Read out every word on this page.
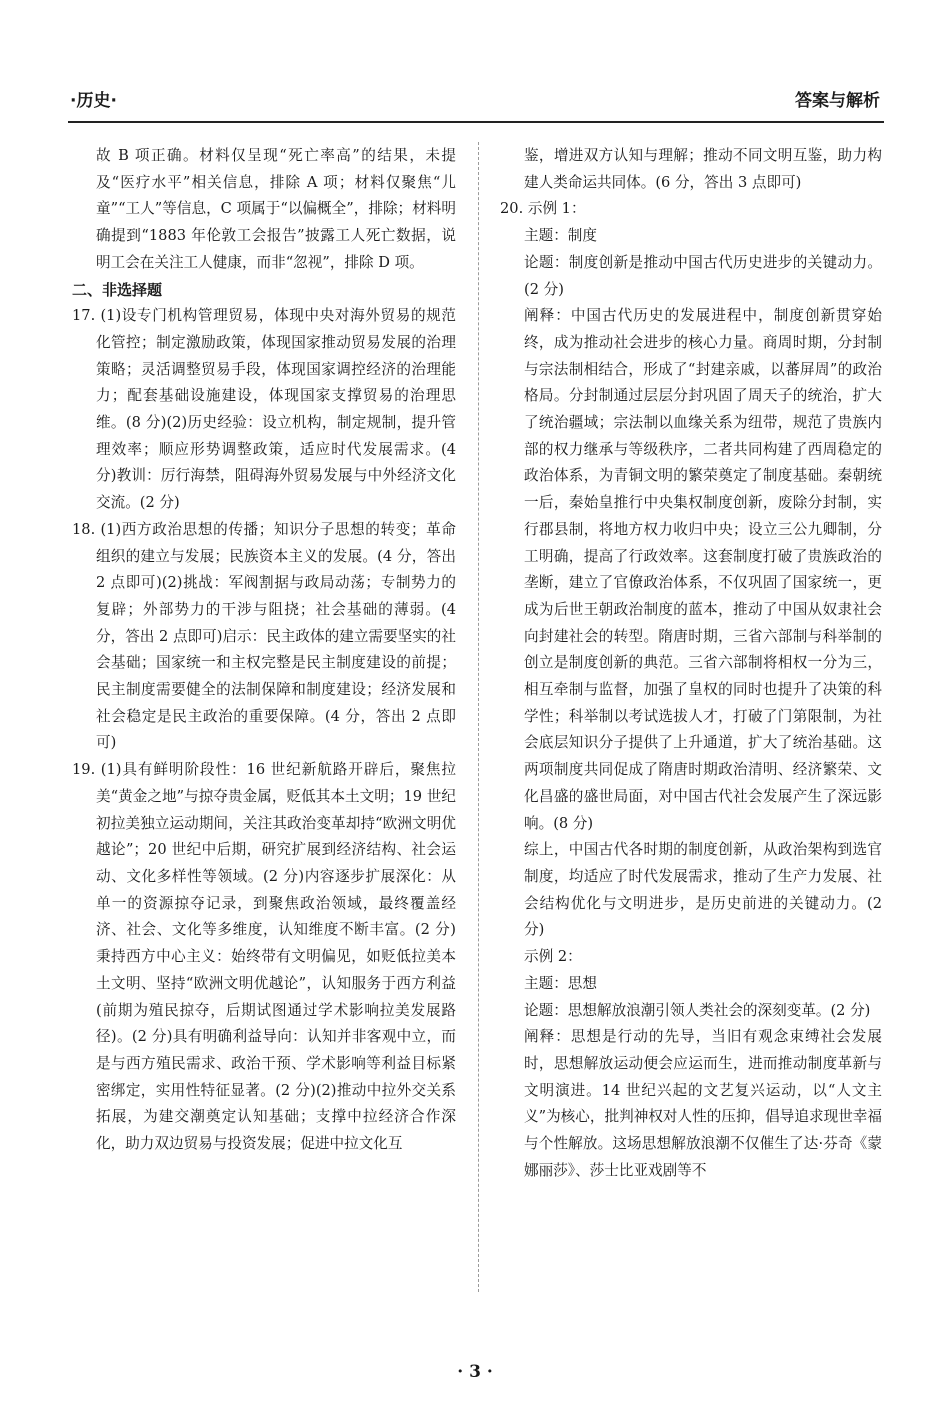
·历史·	答案与解析

故 B 项正确。材料仅呈现“死亡率高”的结果，未提及“医疗水平”相关信息，排除 A 项；材料仅聚焦“儿童”“工人”等信息，C 项属于“以偏概全”，排除；材料明确提到“1883 年伦敦工会报告”披露工人死亡数据，说明工会在关注工人健康，而非“忽视”，排除 D 项。

二、非选择题

17. (1)设专门机构管理贸易，体现中央对海外贸易的规范化管控；制定激励政策，体现国家推动贸易发展的治理策略；灵活调整贸易手段，体现国家调控经济的治理能力；配套基础设施建设，体现国家支撑贸易的治理思维。(8 分)(2)历史经验：设立机构，制定规制，提升管理效率；顺应形势调整政策，适应时代发展需求。(4 分)教训：厉行海禁，阻碍海外贸易发展与中外经济文化交流。(2 分)

18. (1)西方政治思想的传播；知识分子思想的转变；革命组织的建立与发展；民族资本主义的发展。(4 分，答出 2 点即可)(2)挑战：军阀割据与政局动荡；专制势力的复辟；外部势力的干涉与阻挠；社会基础的薄弱。(4 分，答出 2 点即可)启示：民主政体的建立需要坚实的社会基础；国家统一和主权完整是民主制度建设的前提；民主制度需要健全的法制保障和制度建设；经济发展和社会稳定是民主政治的重要保障。(4 分，答出 2 点即可)

19. (1)具有鲜明阶段性：16 世纪新航路开辟后，聚焦拉美“黄金之地”与掠夺贵金属，贬低其本土文明；19 世纪初拉美独立运动期间，关注其政治变革却持“欧洲文明优越论”；20 世纪中后期，研究扩展到经济结构、社会运动、文化多样性等领域。(2 分)内容逐步扩展深化：从单一的资源掠夺记录，到聚焦政治领域，最终覆盖经济、社会、文化等多维度，认知维度不断丰富。(2 分)秉持西方中心主义：始终带有文明偏见，如贬低拉美本土文明、坚持“欧洲文明优越论”，认知服务于西方利益(前期为殖民掠夺，后期试图通过学术影响拉美发展路径)。(2 分)具有明确利益导向：认知并非客观中立，而是与西方殖民需求、政治干预、学术影响等利益目标紧密绑定，实用性特征显著。(2 分)(2)推动中拉外交关系拓展，为建交潮奠定认知基础；支撑中拉经济合作深化，助力双边贸易与投资发展；促进中拉文化互

鉴，增进双方认知与理解；推动不同文明互鉴，助力构建人类命运共同体。(6 分，答出 3 点即可)

20. 示例 1：

主题：制度

论题：制度创新是推动中国古代历史进步的关键动力。(2 分)

阐释：中国古代历史的发展进程中，制度创新贯穿始终，成为推动社会进步的核心力量。商周时期，分封制与宗法制相结合，形成了“封建亲戚，以蕃屏周”的政治格局。分封制通过层层分封巩固了周天子的统治，扩大了统治疆域；宗法制以血缘关系为纽带，规范了贵族内部的权力继承与等级秩序，二者共同构建了西周稳定的政治体系，为青铜文明的繁荣奠定了制度基础。秦朝统一后，秦始皇推行中央集权制度创新，废除分封制，实行郡县制，将地方权力收归中央；设立三公九卿制，分工明确，提高了行政效率。这套制度打破了贵族政治的垄断，建立了官僚政治体系，不仅巩固了国家统一，更成为后世王朝政治制度的蓝本，推动了中国从奴隶社会向封建社会的转型。隋唐时期，三省六部制与科举制的创立是制度创新的典范。三省六部制将相权一分为三，相互牵制与监督，加强了皇权的同时也提升了决策的科学性；科举制以考试选拔人才，打破了门第限制，为社会底层知识分子提供了上升通道，扩大了统治基础。这两项制度共同促成了隋唐时期政治清明、经济繁荣、文化昌盛的盛世局面，对中国古代社会发展产生了深远影响。(8 分)

综上，中国古代各时期的制度创新，从政治架构到选官制度，均适应了时代发展需求，推动了生产力发展、社会结构优化与文明进步，是历史前进的关键动力。(2 分)

示例 2：

主题：思想

论题：思想解放浪潮引领人类社会的深刻变革。(2 分)

阐释：思想是行动的先导，当旧有观念束缚社会发展时，思想解放运动便会应运而生，进而推动制度革新与文明演进。14 世纪兴起的文艺复兴运动，以“人文主义”为核心，批判神权对人性的压抑，倡导追求现世幸福与个性解放。这场思想解放浪潮不仅催生了达·芬奇《蒙娜丽莎》、莎士比亚戏剧等不

· 3 ·
